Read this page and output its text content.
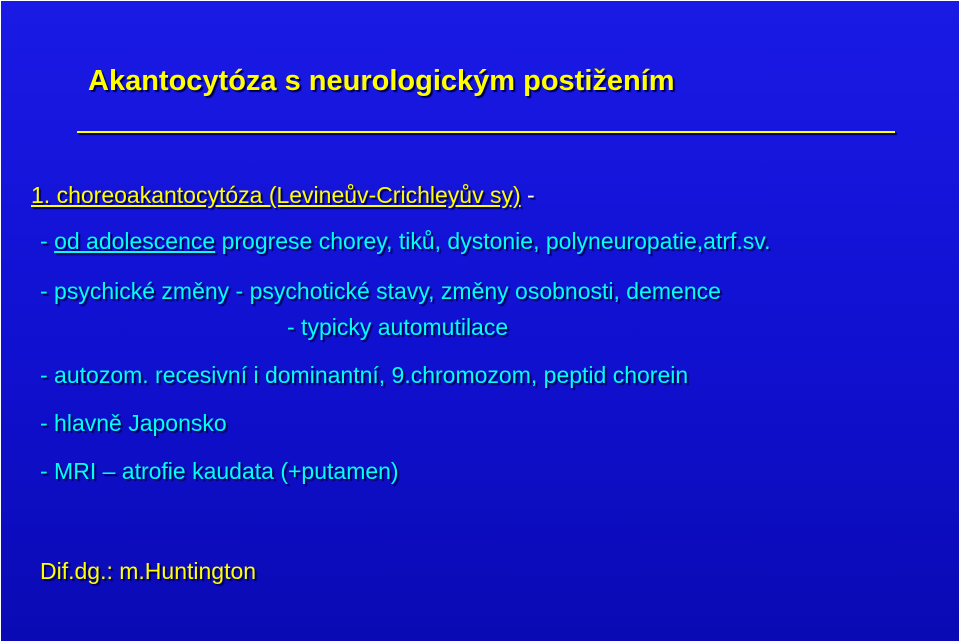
Akantocytóza s neurologickým postižením
1. choreoakantocytóza (Levineův-Crichleyův sy) -
- od adolescence progrese chorey, tiků, dystonie, polyneuropatie,atrf.sv.
- psychické změny - psychotické stavy, změny osobnosti, demence
- typicky automutilace
- autozom. recesivní i dominantní, 9.chromozom, peptid chorein
- hlavně Japonsko
- MRI – atrofie kaudata (+putamen)
Dif.dg.: m.Huntington
